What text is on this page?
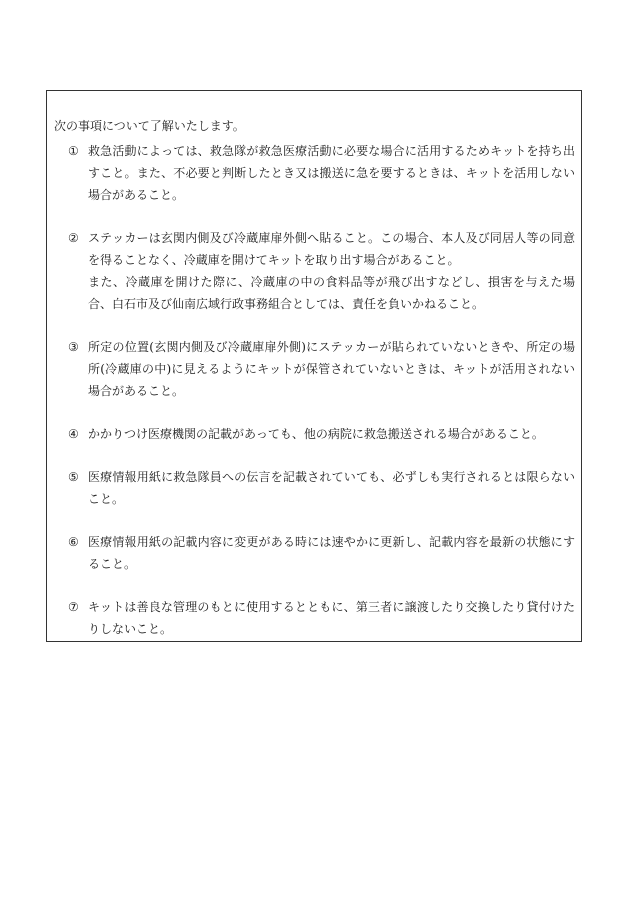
次の事項について了解いたします。

① 救急活動によっては、救急隊が救急医療活動に必要な場合に活用するためキットを持ち出すこと。また、不必要と判断したとき又は搬送に急を要するときは、キットを活用しない場合があること。
② ステッカーは玄関内側及び冷蔵庫扉外側へ貼ること。この場合、本人及び同居人等の同意を得ることなく、冷蔵庫を開けてキットを取り出す場合があること。
また、冷蔵庫を開けた際に、冷蔵庫の中の食料品等が飛び出すなどし、損害を与えた場合、白石市及び仙南広域行政事務組合としては、責任を負いかねること。
③ 所定の位置(玄関内側及び冷蔵庫扉外側)にステッカーが貼られていないときや、所定の場所(冷蔵庫の中)に見えるようにキットが保管されていないときは、キットが活用されない場合があること。
④ かかりつけ医療機関の記載があっても、他の病院に救急搬送される場合があること。
⑤ 医療情報用紙に救急隊員への伝言を記載されていても、必ずしも実行されるとは限らないこと。
⑥ 医療情報用紙の記載内容に変更がある時には速やかに更新し、記載内容を最新の状態にすること。
⑦ キットは善良な管理のもとに使用するとともに、第三者に譲渡したり交換したり貸付けたりしないこと。
